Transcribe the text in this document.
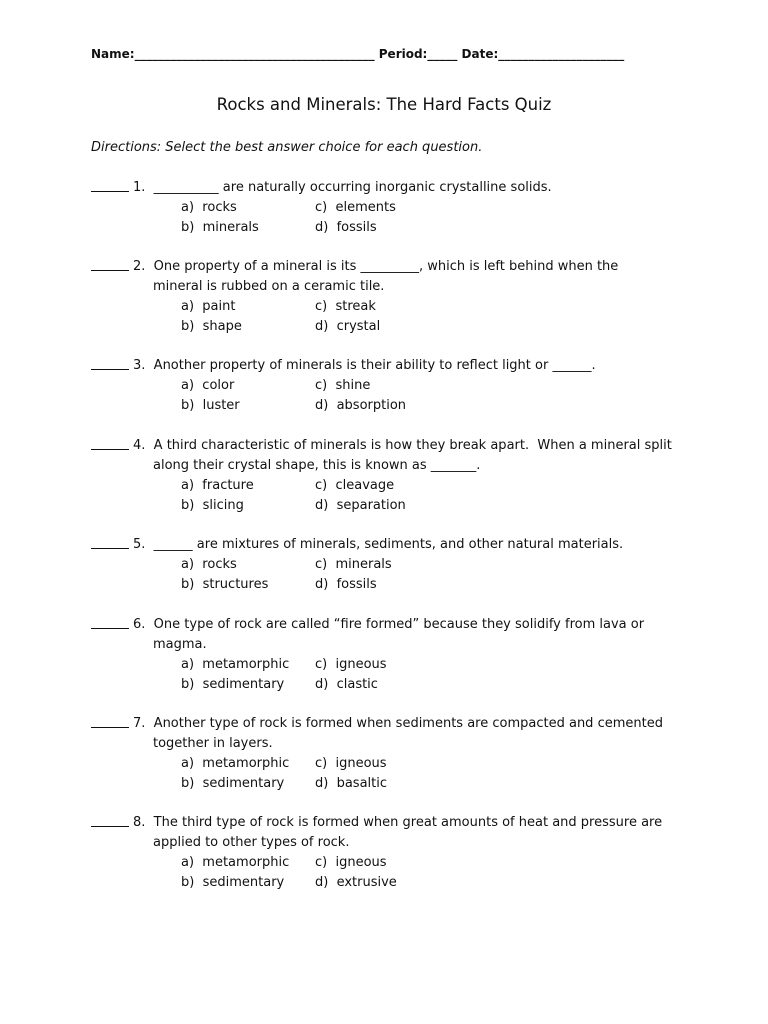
Name:________________________________________ Period:_____ Date:_____________________
Rocks and Minerals: The Hard Facts Quiz
Directions: Select the best answer choice for each question.
1. __________ are naturally occurring inorganic crystalline solids.
a)  rocks	c)  elements
b)  minerals	d)  fossils
2. One property of a mineral is its _________, which is left behind when the
mineral is rubbed on a ceramic tile.
a)  paint	c)  streak
b)  shape	d)  crystal
3. Another property of minerals is their ability to reflect light or ______.
a)  color	c)  shine
b)  luster	d)  absorption
4. A third characteristic of minerals is how they break apart.  When a mineral split
along their crystal shape, this is known as _______.
a)  fracture	c)  cleavage
b)  slicing	d)  separation
5. ______ are mixtures of minerals, sediments, and other natural materials.
a)  rocks	c)  minerals
b)  structures	d)  fossils
6. One type of rock are called “fire formed” because they solidify from lava or
magma.
a)  metamorphic c)  igneous
b)  sedimentary d)  clastic
7. Another type of rock is formed when sediments are compacted and cemented
together in layers.
a)  metamorphic c)  igneous
b)  sedimentary d)  basaltic
8. The third type of rock is formed when great amounts of heat and pressure are
applied to other types of rock.
a)  metamorphic c)  igneous
b)  sedimentary d)  extrusive
